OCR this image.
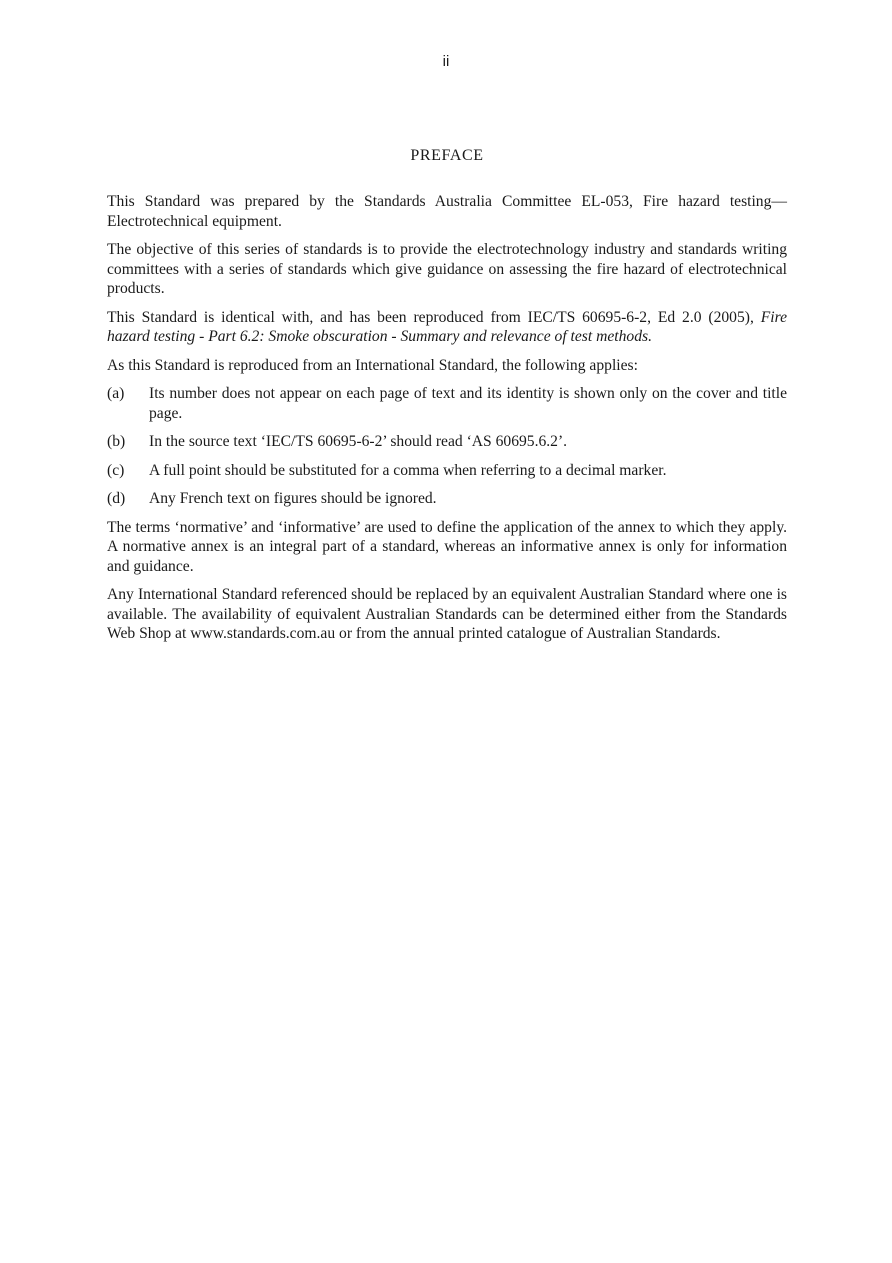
ii
PREFACE

This Standard was prepared by the Standards Australia Committee EL-053, Fire hazard testing—Electrotechnical equipment.

The objective of this series of standards is to provide the electrotechnology industry and standards writing committees with a series of standards which give guidance on assessing the fire hazard of electrotechnical products.

This Standard is identical with, and has been reproduced from IEC/TS 60695-6-2, Ed 2.0 (2005), Fire hazard testing - Part 6.2: Smoke obscuration - Summary and relevance of test methods.

As this Standard is reproduced from an International Standard, the following applies:

(a)	Its number does not appear on each page of text and its identity is shown only on the cover and title page.
(b)	In the source text ‘IEC/TS 60695-6-2’ should read ‘AS 60695.6.2’.
(c)	A full point should be substituted for a comma when referring to a decimal marker.
(d)	Any French text on figures should be ignored.

The terms ‘normative’ and ‘informative’ are used to define the application of the annex to which they apply. A normative annex is an integral part of a standard, whereas an informative annex is only for information and guidance.

Any International Standard referenced should be replaced by an equivalent Australian Standard where one is available. The availability of equivalent Australian Standards can be determined either from the Standards Web Shop at www.standards.com.au or from the annual printed catalogue of Australian Standards.
